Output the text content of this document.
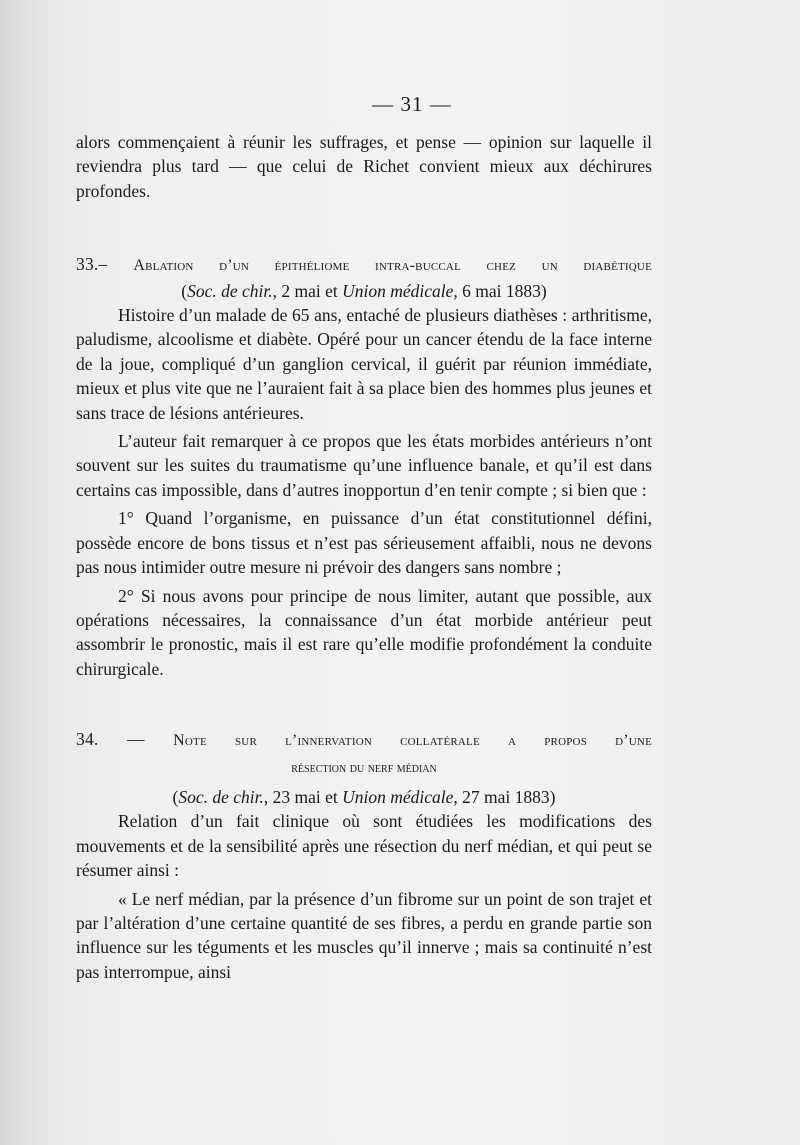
— 31 —

alors commençaient à réunir les suffrages, et pense — opinion sur laquelle il reviendra plus tard — que celui de Richet convient mieux aux déchirures profondes.

33.– Ablation d’un épithéliome intra-buccal chez un diabétique

(Soc. de chir., 2 mai et Union médicale, 6 mai 1883)

Histoire d’un malade de 65 ans, entaché de plusieurs diathèses : arthritisme, paludisme, alcoolisme et diabète. Opéré pour un cancer étendu de la face interne de la joue, compliqué d’un ganglion cervical, il guérit par réunion immédiate, mieux et plus vite que ne l’auraient fait à sa place bien des hommes plus jeunes et sans trace de lésions antérieures.

L’auteur fait remarquer à ce propos que les états morbides antérieurs n’ont souvent sur les suites du traumatisme qu’une influence banale, et qu’il est dans certains cas impossible, dans d’autres inopportun d’en tenir compte ; si bien que :

1° Quand l’organisme, en puissance d’un état constitutionnel défini, possède encore de bons tissus et n’est pas sérieusement affaibli, nous ne devons pas nous intimider outre mesure ni prévoir des dangers sans nombre ;

2° Si nous avons pour principe de nous limiter, autant que possible, aux opérations nécessaires, la connaissance d’un état morbide antérieur peut assombrir le pronostic, mais il est rare qu’elle modifie profondément la conduite chirurgicale.

34. — Note sur l’innervation collatérale a propos d’une

résection du nerf médian

(Soc. de chir., 23 mai et Union médicale, 27 mai 1883)

Relation d’un fait clinique où sont étudiées les modifications des mouvements et de la sensibilité après une résection du nerf médian, et qui peut se résumer ainsi :

« Le nerf médian, par la présence d’un fibrome sur un point de son trajet et par l’altération d’une certaine quantité de ses fibres, a perdu en grande partie son influence sur les téguments et les muscles qu’il innerve ; mais sa continuité n’est pas interrompue, ainsi
